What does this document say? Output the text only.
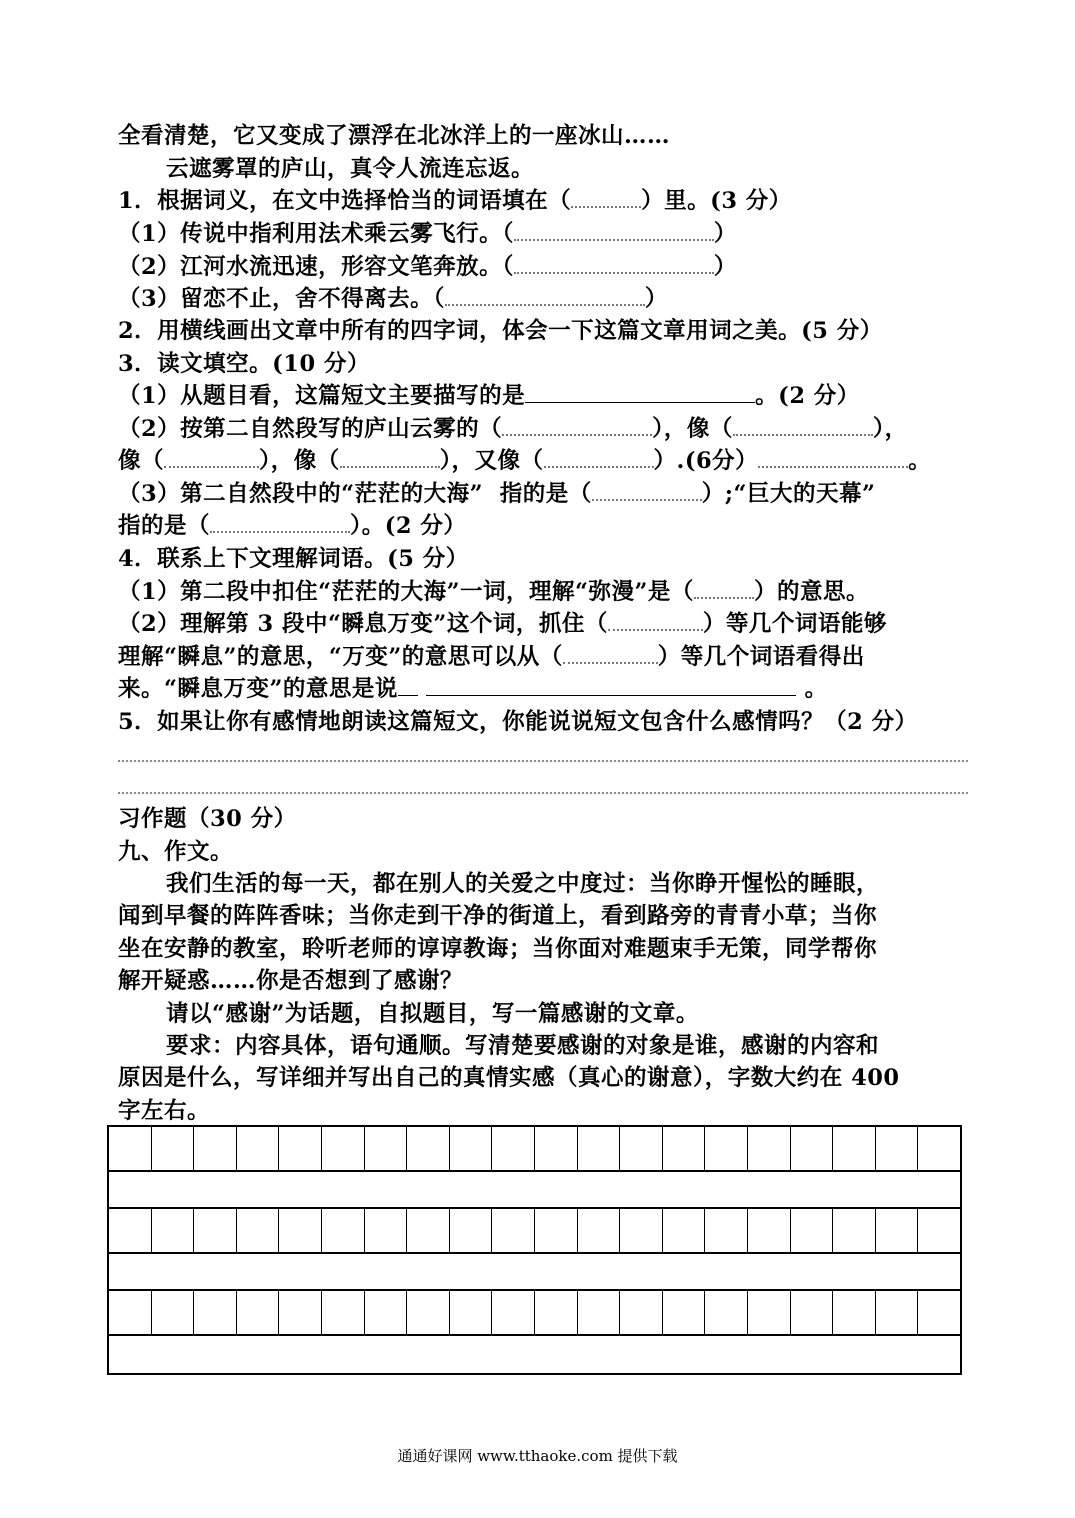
全看清楚，它又变成了漂浮在北冰洋上的一座冰山……
云遮雾罩的庐山，真令人流连忘返。
1．根据词义，在文中选择恰当的词语填在（	）里。(3 分）
（1）传说中指利用法术乘云雾飞行。（	）
（2）江河水流迅速，形容文笔奔放。（	）
（3）留恋不止，舍不得离去。（	）
2．用横线画出文章中所有的四字词，体会一下这篇文章用词之美。(5 分）
3．读文填空。(10 分）
（1）从题目看，这篇短文主要描写的是	。(2 分）
（2）按第二自然段写的庐山云雾的（	），像（	），
像（	），像（	），又像（	）.(6分）	。
（3）第二自然段中的“茫茫的大海” 指的是（	）;“巨大的天幕”
指的是（	）。(2 分）
4．联系上下文理解词语。(5 分）
（1）第二段中扣住“茫茫的大海”一词，理解“弥漫”是（	）的意思。
（2）理解第 3 段中“瞬息万变”这个词，抓住（	）等几个词语能够
理解“瞬息”的意思，“万变”的意思可以从（	）等几个词语看得出
来。“瞬息万变”的意思是说	。
5．如果让你有感情地朗读这篇短文，你能说说短文包含什么感情吗？（2 分）
习作题（30 分）
九、作文。
我们生活的每一天，都在别人的关爱之中度过：当你睁开惺忪的睡眼，
闻到早餐的阵阵香味；当你走到干净的街道上，看到路旁的青青小草；当你
坐在安静的教室，聆听老师的谆谆教诲；当你面对难题束手无策，同学帮你
解开疑惑……你是否想到了感谢？
请以“感谢”为话题，自拟题目，写一篇感谢的文章。
要求：内容具体，语句通顺。写清楚要感谢的对象是谁，感谢的内容和
原因是什么，写详细并写出自己的真情实感（真心的谢意），字数大约在 400
字左右。
通通好课网 www.tthaoke.com 提供下载
